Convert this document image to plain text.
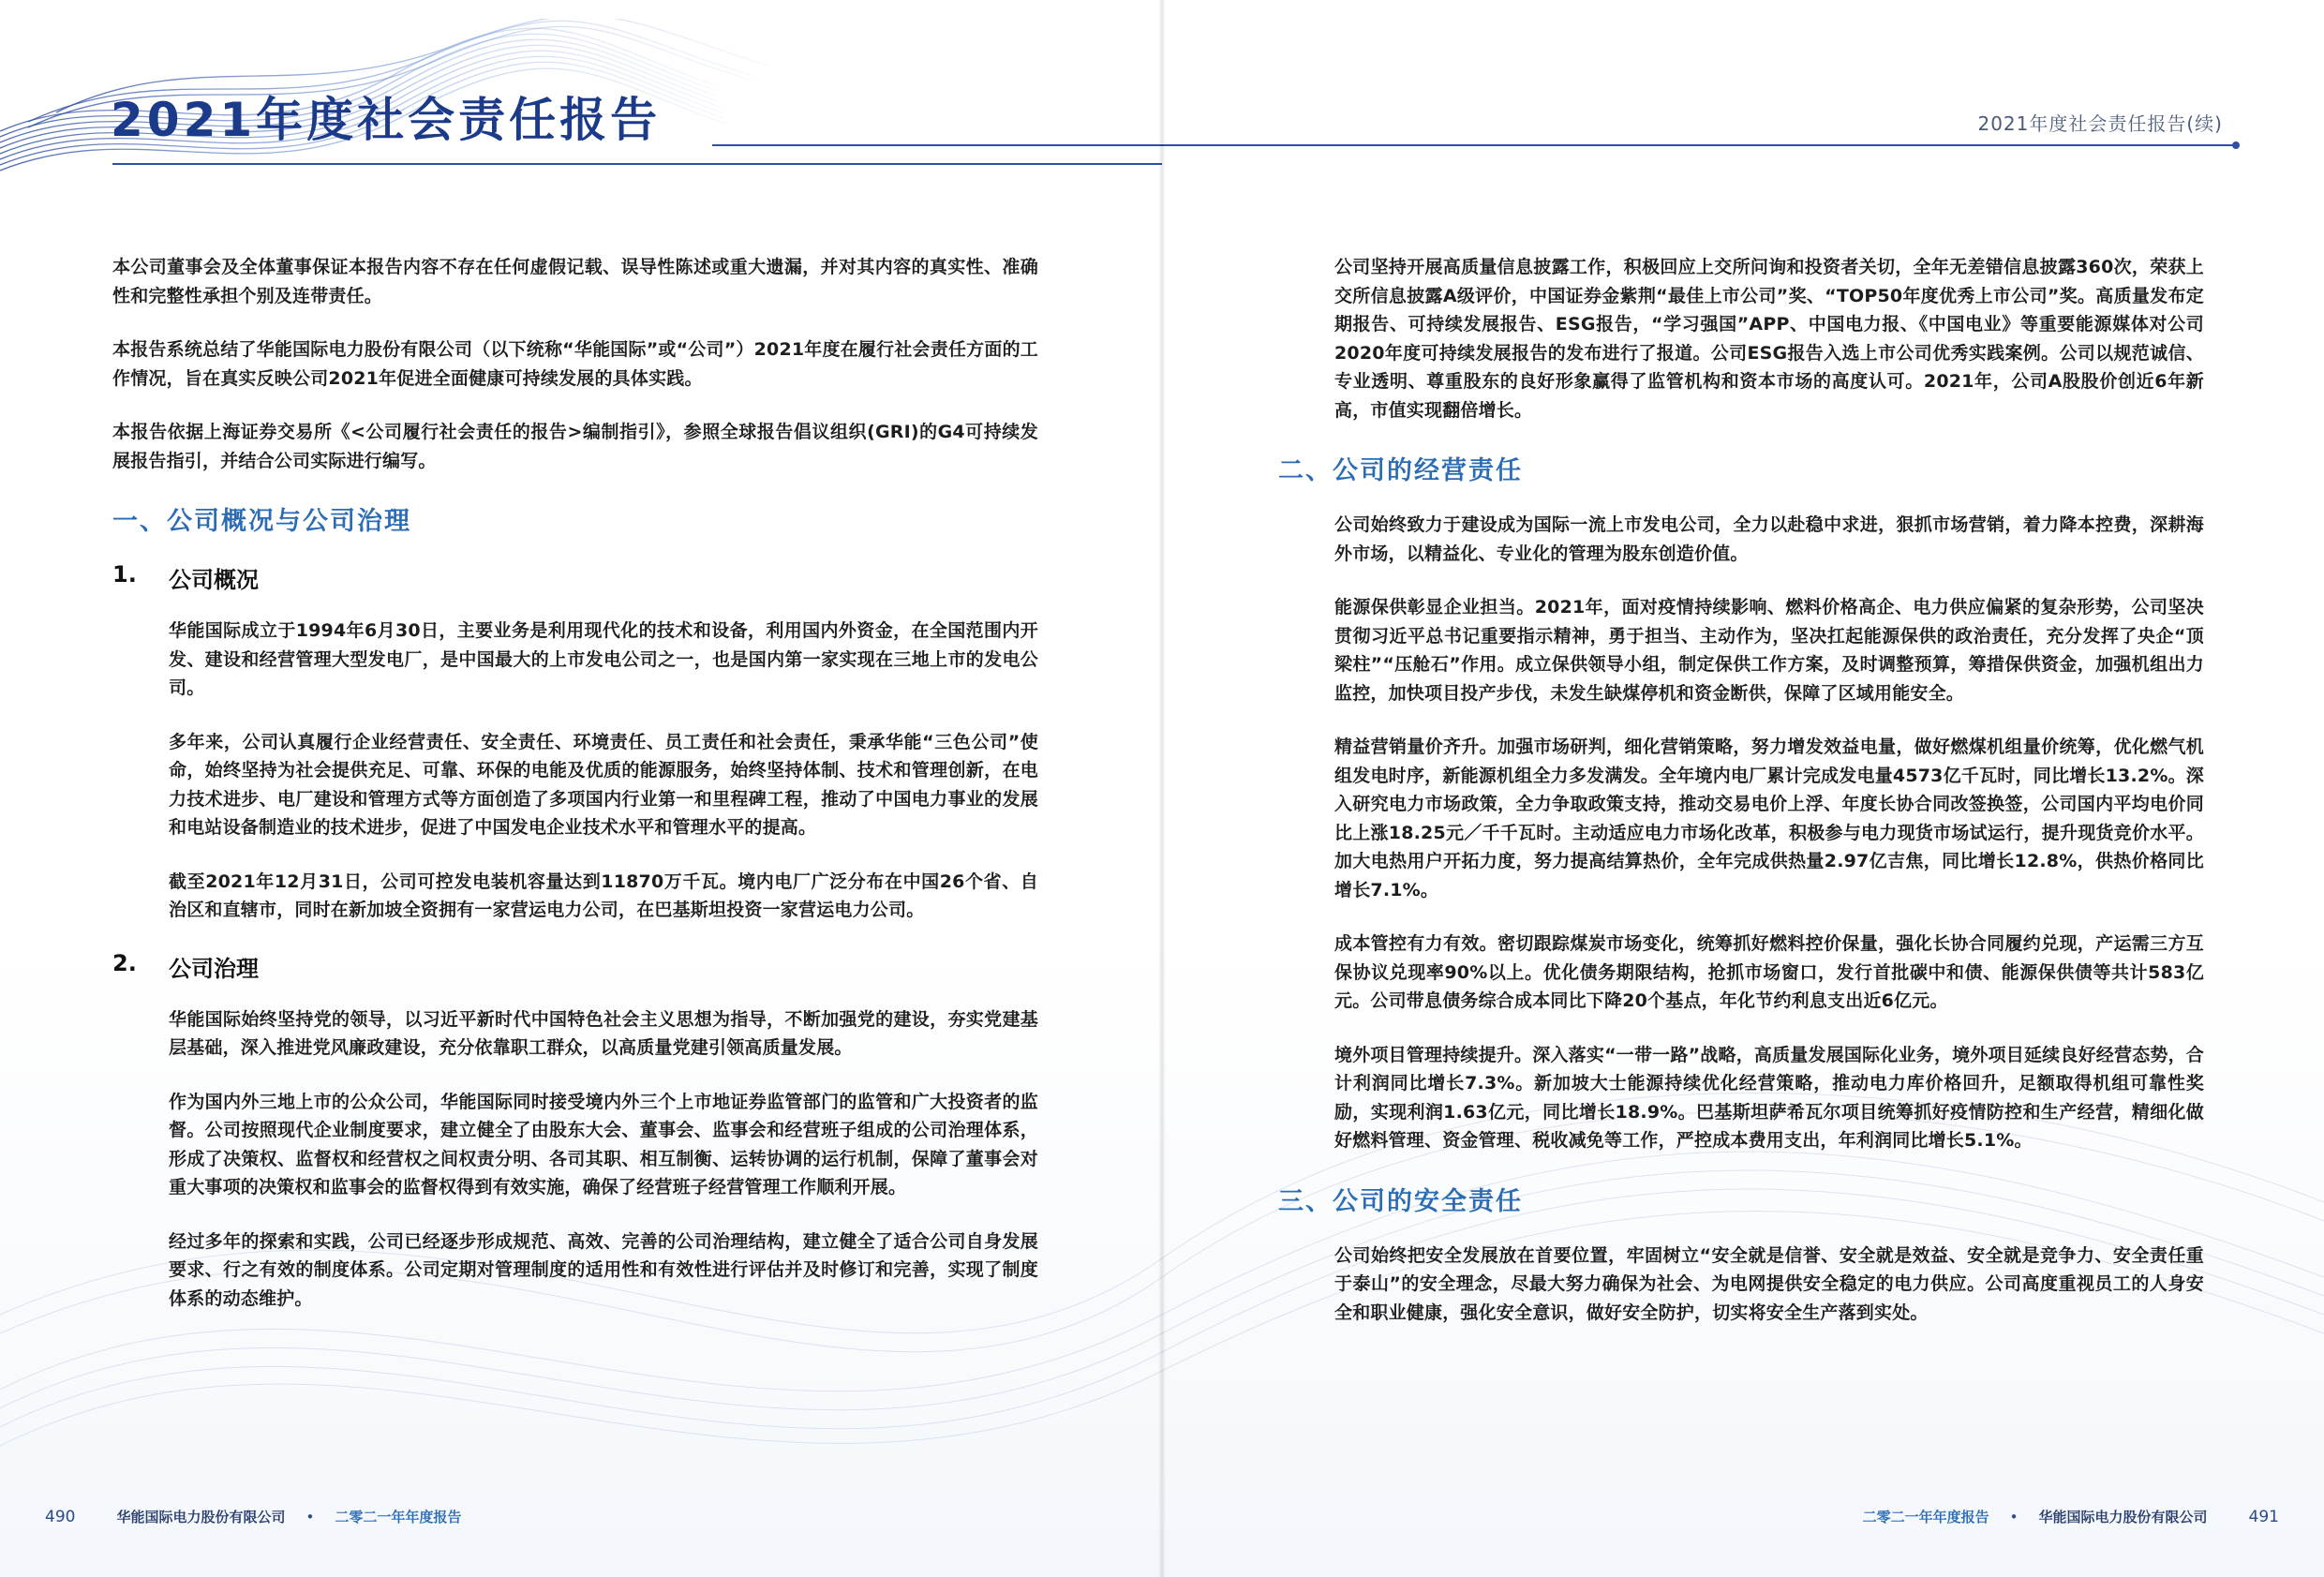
2021年度社会责任报告	2021年度社会责任报告(续)

本公司董事会及全体董事保证本报告内容不存在任何虚假记载、误导性陈述或重大遗漏，并对其内容的真实性、准确性和完整性承担个别及连带责任。

本报告系统总结了华能国际电力股份有限公司（以下统称“华能国际”或“公司”）2021年度在履行社会责任方面的工作情况，旨在真实反映公司2021年促进全面健康可持续发展的具体实践。

本报告依据上海证券交易所《<公司履行社会责任的报告>编制指引》，参照全球报告倡议组织(GRI)的G4可持续发展报告指引，并结合公司实际进行编写。

一、公司概况与公司治理
1.	公司概况

华能国际成立于1994年6月30日，主要业务是利用现代化的技术和设备，利用国内外资金，在全国范围内开发、建设和经营管理大型发电厂，是中国最大的上市发电公司之一，也是国内第一家实现在三地上市的发电公司。

多年来，公司认真履行企业经营责任、安全责任、环境责任、员工责任和社会责任，秉承华能“三色公司”使命，始终坚持为社会提供充足、可靠、环保的电能及优质的能源服务，始终坚持体制、技术和管理创新，在电力技术进步、电厂建设和管理方式等方面创造了多项国内行业第一和里程碑工程，推动了中国电力事业的发展和电站设备制造业的技术进步，促进了中国发电企业技术水平和管理水平的提高。

截至2021年12月31日，公司可控发电装机容量达到11870万千瓦。境内电厂广泛分布在中国26个省、自治区和直辖市，同时在新加坡全资拥有一家营运电力公司，在巴基斯坦投资一家营运电力公司。

2.	公司治理

华能国际始终坚持党的领导，以习近平新时代中国特色社会主义思想为指导，不断加强党的建设，夯实党建基层基础，深入推进党风廉政建设，充分依靠职工群众，以高质量党建引领高质量发展。

作为国内外三地上市的公众公司，华能国际同时接受境内外三个上市地证券监管部门的监管和广大投资者的监督。公司按照现代企业制度要求，建立健全了由股东大会、董事会、监事会和经营班子组成的公司治理体系，形成了决策权、监督权和经营权之间权责分明、各司其职、相互制衡、运转协调的运行机制，保障了董事会对重大事项的决策权和监事会的监督权得到有效实施，确保了经营班子经营管理工作顺利开展。

经过多年的探索和实践，公司已经逐步形成规范、高效、完善的公司治理结构，建立健全了适合公司自身发展要求、行之有效的制度体系。公司定期对管理制度的适用性和有效性进行评估并及时修订和完善，实现了制度体系的动态维护。

公司坚持开展高质量信息披露工作，积极回应上交所问询和投资者关切，全年无差错信息披露360次，荣获上交所信息披露A级评价，中国证券金紫荆“最佳上市公司”奖、“TOP50年度优秀上市公司”奖。高质量发布定期报告、可持续发展报告、ESG报告，“学习强国”APP、中国电力报、《中国电业》等重要能源媒体对公司2020年度可持续发展报告的发布进行了报道。公司ESG报告入选上市公司优秀实践案例。公司以规范诚信、专业透明、尊重股东的良好形象赢得了监管机构和资本市场的高度认可。2021年，公司A股股价创近6年新高，市值实现翻倍增长。

二、公司的经营责任

公司始终致力于建设成为国际一流上市发电公司，全力以赴稳中求进，狠抓市场营销，着力降本控费，深耕海外市场，以精益化、专业化的管理为股东创造价值。

能源保供彰显企业担当。2021年，面对疫情持续影响、燃料价格高企、电力供应偏紧的复杂形势，公司坚决贯彻习近平总书记重要指示精神，勇于担当、主动作为，坚决扛起能源保供的政治责任，充分发挥了央企“顶梁柱”“压舱石”作用。成立保供领导小组，制定保供工作方案，及时调整预算，筹措保供资金，加强机组出力监控，加快项目投产步伐，未发生缺煤停机和资金断供，保障了区域用能安全。

精益营销量价齐升。加强市场研判，细化营销策略，努力增发效益电量，做好燃煤机组量价统筹，优化燃气机组发电时序，新能源机组全力多发满发。全年境内电厂累计完成发电量4573亿千瓦时，同比增长13.2%。深入研究电力市场政策，全力争取政策支持，推动交易电价上浮、年度长协合同改签换签，公司国内平均电价同比上涨18.25元／千千瓦时。主动适应电力市场化改革，积极参与电力现货市场试运行，提升现货竞价水平。加大电热用户开拓力度，努力提高结算热价，全年完成供热量2.97亿吉焦，同比增长12.8%，供热价格同比增长7.1%。

成本管控有力有效。密切跟踪煤炭市场变化，统筹抓好燃料控价保量，强化长协合同履约兑现，产运需三方互保协议兑现率90%以上。优化债务期限结构，抢抓市场窗口，发行首批碳中和债、能源保供债等共计583亿元。公司带息债务综合成本同比下降20个基点，年化节约利息支出近6亿元。

境外项目管理持续提升。深入落实“一带一路”战略，高质量发展国际化业务，境外项目延续良好经营态势，合计利润同比增长7.3%。新加坡大士能源持续优化经营策略，推动电力库价格回升，足额取得机组可靠性奖励，实现利润1.63亿元，同比增长18.9%。巴基斯坦萨希瓦尔项目统筹抓好疫情防控和生产经营，精细化做好燃料管理、资金管理、税收减免等工作，严控成本费用支出，年利润同比增长5.1%。

三、公司的安全责任

公司始终把安全发展放在首要位置，牢固树立“安全就是信誉、安全就是效益、安全就是竞争力、安全责任重于泰山”的安全理念，尽最大努力确保为社会、为电网提供安全稳定的电力供应。公司高度重视员工的人身安全和职业健康，强化安全意识，做好安全防护，切实将安全生产落到实处。

490	华能国际电力股份有限公司 • 二零二一年年度报告	二零二一年年度报告 • 华能国际电力股份有限公司	491
